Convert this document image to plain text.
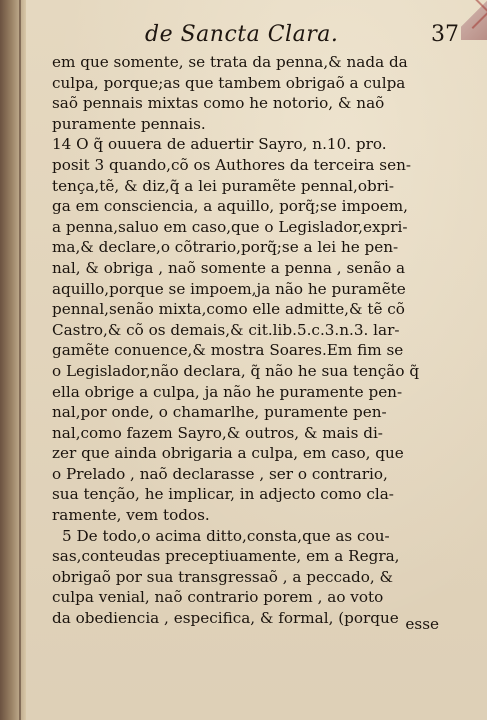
de Sancta Clara.	37
em que somente, se trata da penna,& nada da
culpa, porque;as que tambem obrigaõ a culpa
saõ pennais mixtas como he notorio, & naõ
puramente pennais.
14 O q̃ ouuera de aduertir Sayro, n.10. pro.
posit 3 quando,cõ os Authores da terceira sen-
tença,tẽ, & diz,q̃ a lei puramẽte pennal,obri-
ga em consciencia, a aquillo, porq̃;se impoem,
a penna,saluo em caso,que o Legislador,expri-
ma,& declare,o cõtrario,porq̃;se a lei he pen-
nal, & obriga , naõ somente a penna , senão a
aquillo,porque se impoem,ja não he puramẽte
pennal,senão mixta,como elle admitte,& tẽ cõ
Castro,& cõ os demais,& cit.lib.5.c.3.n.3. lar-
gamẽte conuence,& mostra Soares.Em fim se
o Legislador,não declara, q̃ não he sua tenção q̃
ella obrige a culpa, ja não he puramente pen-
nal,por onde, o chamarlhe, puramente pen-
nal,como fazem Sayro,& outros, & mais di-
zer que ainda obrigaria a culpa, em caso, que
o Prelado , naõ declarasse , ser o contrario,
sua tenção, he implicar, in adjecto como cla-
ramente, vem todos.
5 De todo,o acima ditto,consta,que as cou-
sas,conteudas preceptiuamente, em a Regra,
obrigaõ por sua transgressaõ , a peccado, &
culpa venial, naõ contrario porem , ao voto
da obediencia , especifica, & formal, (porque esse
